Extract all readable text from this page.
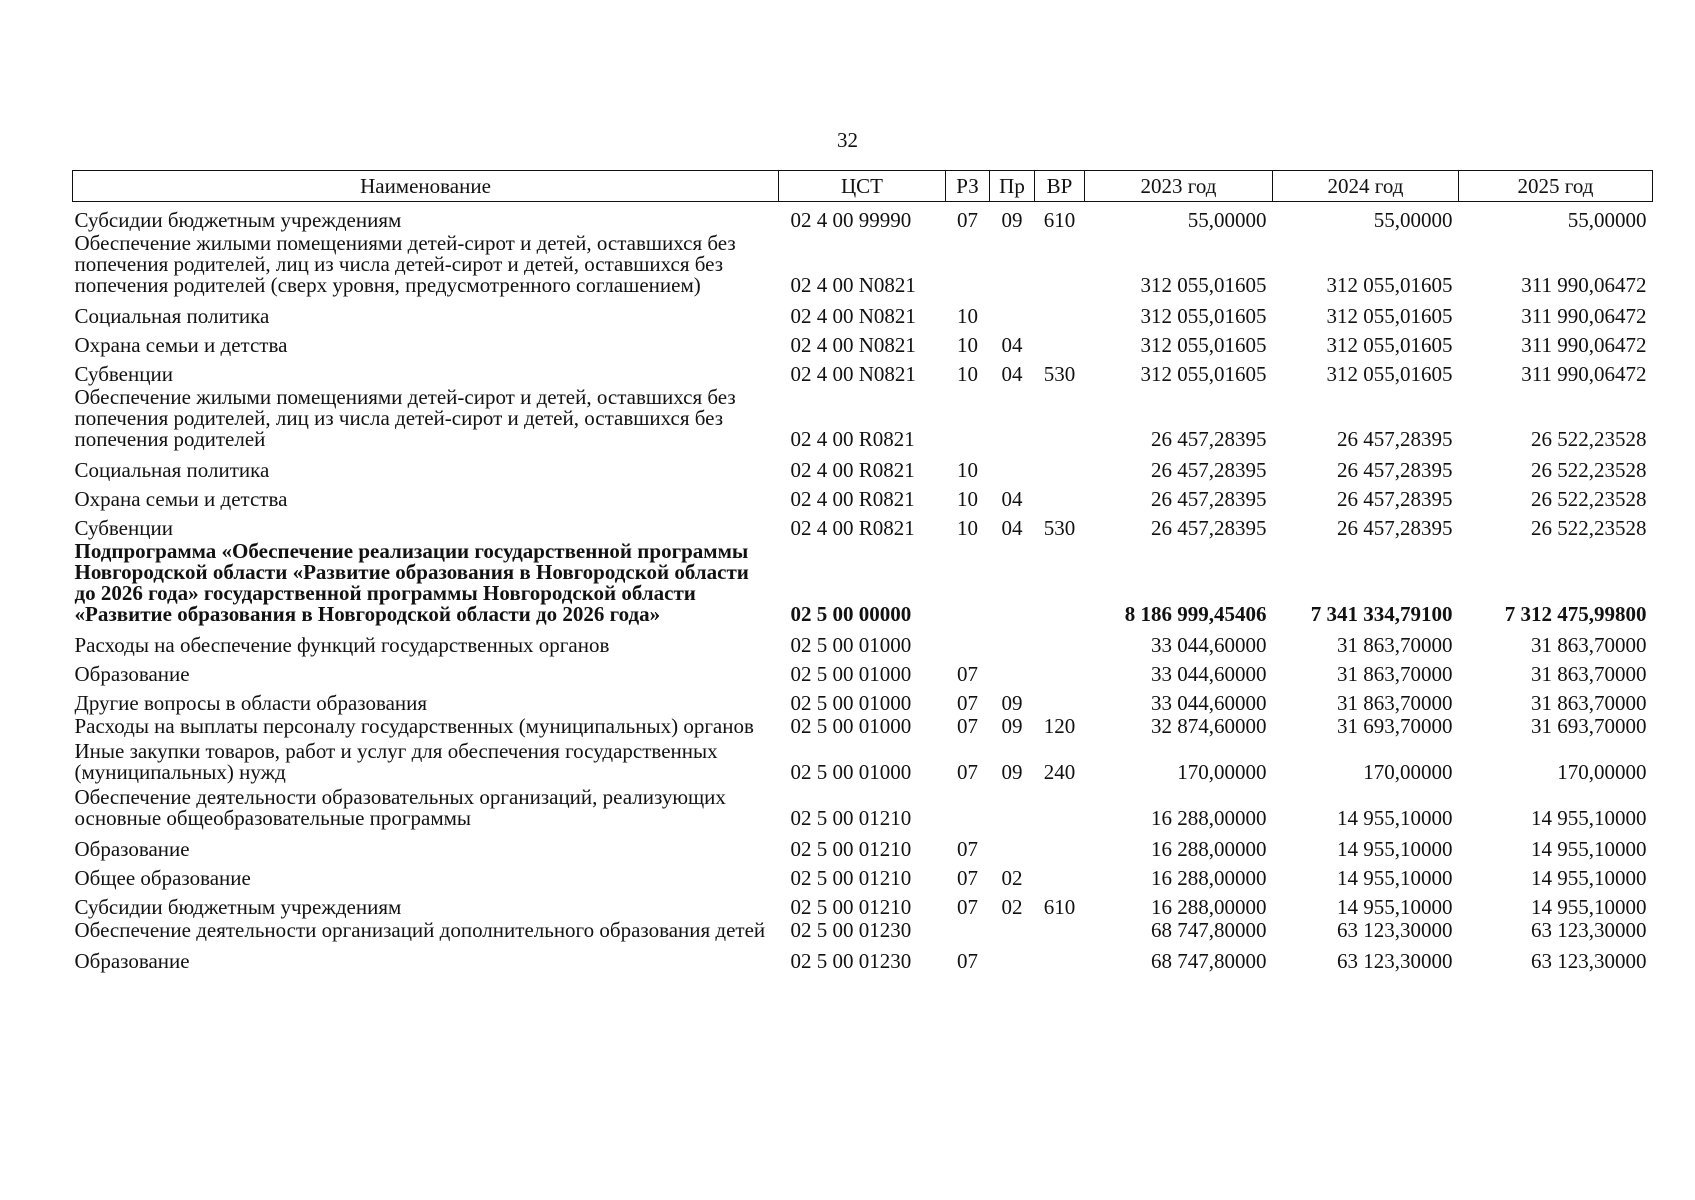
32
Наименование	ЦСТ	РЗ	Пр	ВР	2023 год	2024 год	2025 год
Субсидии бюджетным учреждениям	02 4 00 99990	07	09	610	55,00000	55,00000	55,00000
Обеспечение жилыми помещениями детей-сирот и детей, оставшихся без попечения родителей, лиц из числа детей-сирот и детей, оставшихся без попечения родителей (сверх уровня, предусмотренного соглашением)	02 4 00 N0821				312 055,01605	312 055,01605	311 990,06472
Социальная политика	02 4 00 N0821	10			312 055,01605	312 055,01605	311 990,06472
Охрана семьи и детства	02 4 00 N0821	10	04		312 055,01605	312 055,01605	311 990,06472
Субвенции	02 4 00 N0821	10	04	530	312 055,01605	312 055,01605	311 990,06472
Обеспечение жилыми помещениями детей-сирот и детей, оставшихся без попечения родителей, лиц из числа детей-сирот и детей, оставшихся без попечения родителей	02 4 00 R0821				26 457,28395	26 457,28395	26 522,23528
Социальная политика	02 4 00 R0821	10			26 457,28395	26 457,28395	26 522,23528
Охрана семьи и детства	02 4 00 R0821	10	04		26 457,28395	26 457,28395	26 522,23528
Субвенции	02 4 00 R0821	10	04	530	26 457,28395	26 457,28395	26 522,23528
Подпрограмма «Обеспечение реализации государственной программы Новгородской области «Развитие образования в Новгородской области до 2026 года» государственной программы Новгородской области «Развитие образования в Новгородской области до 2026 года»	02 5 00 00000				8 186 999,45406	7 341 334,79100	7 312 475,99800
Расходы на обеспечение функций государственных органов	02 5 00 01000				33 044,60000	31 863,70000	31 863,70000
Образование	02 5 00 01000	07			33 044,60000	31 863,70000	31 863,70000
Другие вопросы в области образования	02 5 00 01000	07	09		33 044,60000	31 863,70000	31 863,70000
Расходы на выплаты персоналу государственных (муниципальных) органов	02 5 00 01000	07	09	120	32 874,60000	31 693,70000	31 693,70000
Иные закупки товаров, работ и услуг для обеспечения государственных (муниципальных) нужд	02 5 00 01000	07	09	240	170,00000	170,00000	170,00000
Обеспечение деятельности образовательных организаций, реализующих основные общеобразовательные программы	02 5 00 01210				16 288,00000	14 955,10000	14 955,10000
Образование	02 5 00 01210	07			16 288,00000	14 955,10000	14 955,10000
Общее образование	02 5 00 01210	07	02		16 288,00000	14 955,10000	14 955,10000
Субсидии бюджетным учреждениям	02 5 00 01210	07	02	610	16 288,00000	14 955,10000	14 955,10000
Обеспечение деятельности организаций дополнительного образования детей	02 5 00 01230				68 747,80000	63 123,30000	63 123,30000
Образование	02 5 00 01230	07			68 747,80000	63 123,30000	63 123,30000
